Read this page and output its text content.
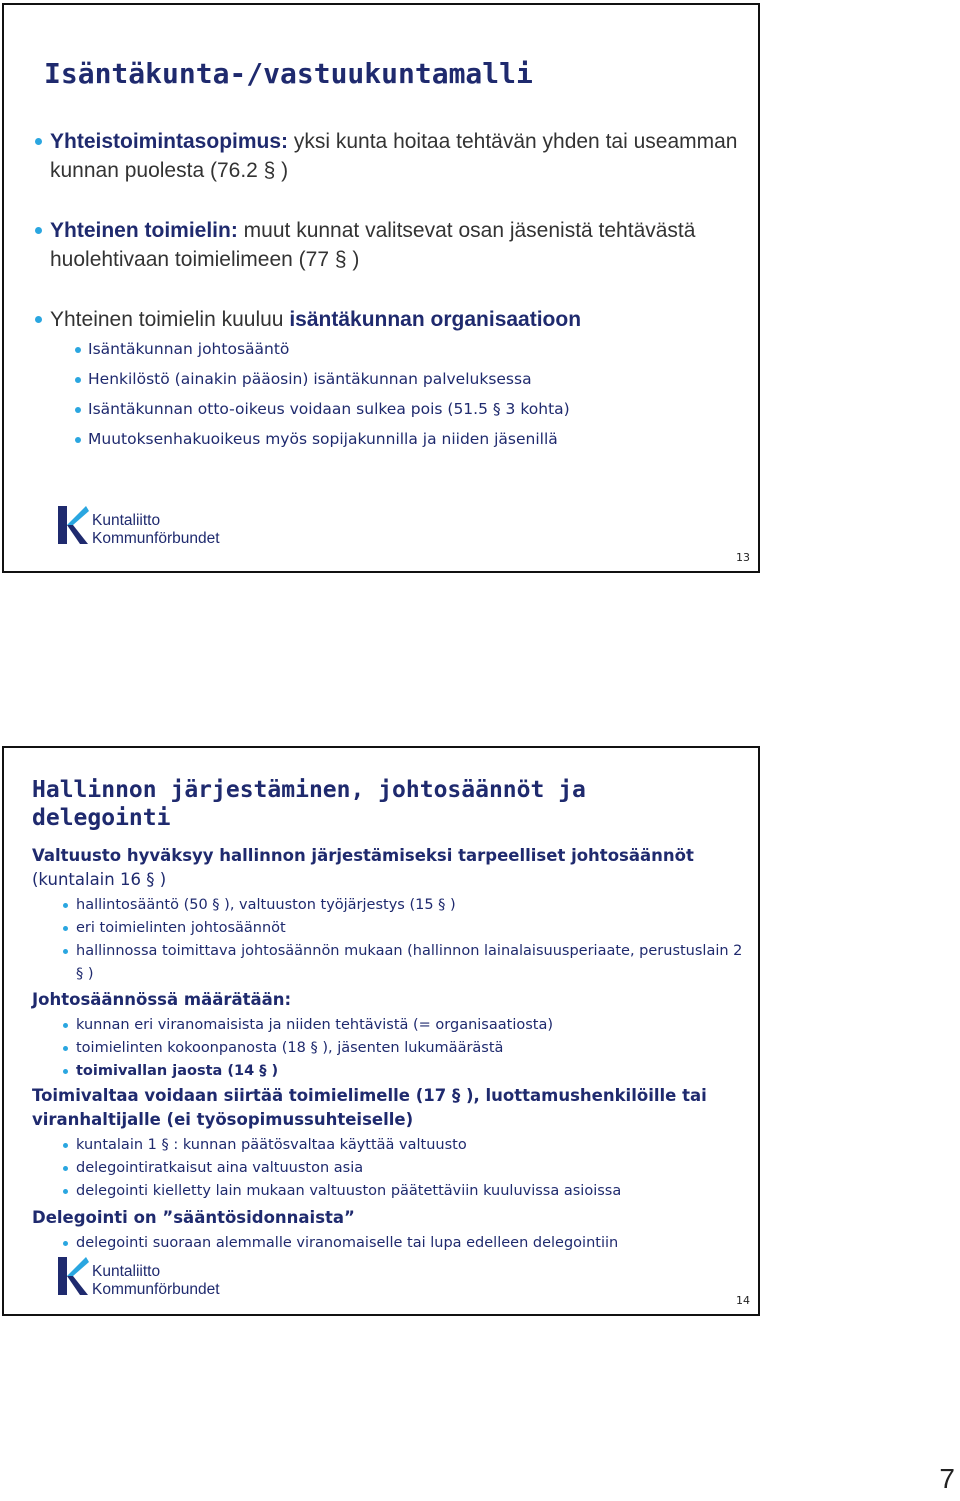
Isäntäkunta-/vastuukuntamalli
Yhteistoimintasopimus: yksi kunta hoitaa tehtävän yhden tai useamman kunnan puolesta (76.2 § )
Yhteinen toimielin: muut kunnat valitsevat osan jäsenistä tehtävästä huolehtivaan toimielimeen (77 § )
Yhteinen toimielin kuuluu isäntäkunnan organisaatioon
Isäntäkunnan johtosääntö
Henkilöstö (ainakin pääosin) isäntäkunnan palveluksessa
Isäntäkunnan otto-oikeus voidaan sulkea pois (51.5 § 3 kohta)
Muutoksenhakuoikeus myös sopijakunnilla ja niiden jäsenillä
Kuntaliitto
Kommunförbundet
13
Hallinnon järjestäminen, johtosäännöt ja delegointi
Valtuusto hyväksyy hallinnon järjestämiseksi tarpeelliset johtosäännöt (kuntalain 16 § )
hallintosääntö (50 § ), valtuuston työjärjestys (15 § )
eri toimielinten johtosäännöt
hallinnossa toimittava johtosäännön mukaan (hallinnon lainalaisuusperiaate, perustuslain 2 § )
Johtosäännössä määrätään:
kunnan eri viranomaisista ja niiden tehtävistä (= organisaatiosta)
toimielinten kokoonpanosta (18 § ), jäsenten lukumäärästä
toimivallan jaosta (14 § )
Toimivaltaa voidaan siirtää toimielimelle (17 § ), luottamushenkilöille tai viranhaltijalle (ei työsopimussuhteiselle)
kuntalain 1 § : kunnan päätösvaltaa käyttää valtuusto
delegointiratkaisut aina valtuuston asia
delegointi kielletty lain mukaan valtuuston päätettäviin kuuluvissa asioissa
Delegointi on ”sääntösidonnaista”
delegointi suoraan alemmalle viranomaiselle tai lupa edelleen delegointiin
Kuntaliitto
Kommunförbundet
14
7
